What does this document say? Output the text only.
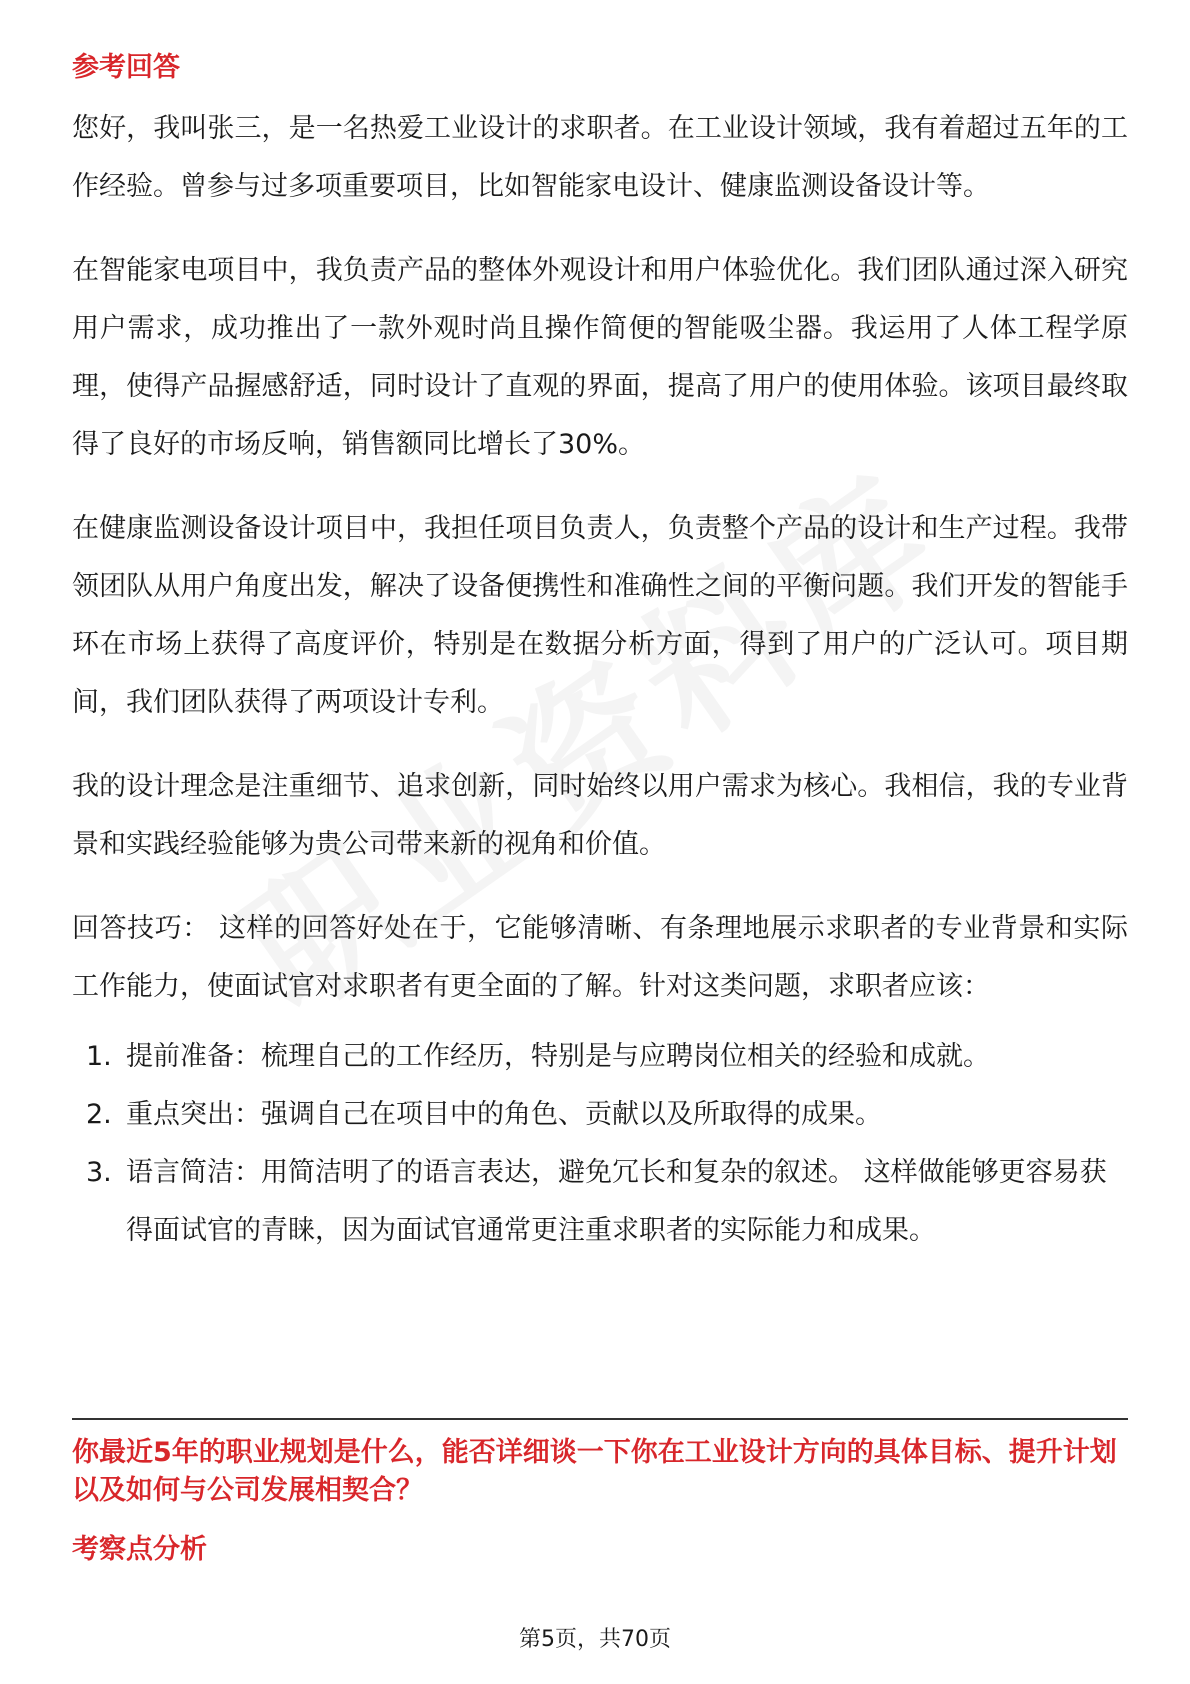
参考回答

您好，我叫张三，是一名热爱工业设计的求职者。在工业设计领域，我有着超过五年的工作经验。曾参与过多项重要项目，比如智能家电设计、健康监测设备设计等。

在智能家电项目中，我负责产品的整体外观设计和用户体验优化。我们团队通过深入研究用户需求，成功推出了一款外观时尚且操作简便的智能吸尘器。我运用了人体工程学原理，使得产品握感舒适，同时设计了直观的界面，提高了用户的使用体验。该项目最终取得了良好的市场反响，销售额同比增长了30%。

在健康监测设备设计项目中，我担任项目负责人，负责整个产品的设计和生产过程。我带领团队从用户角度出发，解决了设备便携性和准确性之间的平衡问题。我们开发的智能手环在市场上获得了高度评价，特别是在数据分析方面，得到了用户的广泛认可。项目期间，我们团队获得了两项设计专利。

我的设计理念是注重细节、追求创新，同时始终以用户需求为核心。我相信，我的专业背景和实践经验能够为贵公司带来新的视角和价值。

回答技巧： 这样的回答好处在于，它能够清晰、有条理地展示求职者的专业背景和实际工作能力，使面试官对求职者有更全面的了解。针对这类问题，求职者应该：

1. 提前准备：梳理自己的工作经历，特别是与应聘岗位相关的经验和成就。
2. 重点突出：强调自己在项目中的角色、贡献以及所取得的成果。
3. 语言简洁：用简洁明了的语言表达，避免冗长和复杂的叙述。 这样做能够更容易获得面试官的青睐，因为面试官通常更注重求职者的实际能力和成果。
你最近5年的职业规划是什么，能否详细谈一下你在工业设计方向的具体目标、提升计划以及如何与公司发展相契合？
考察点分析
第5页，共70页
